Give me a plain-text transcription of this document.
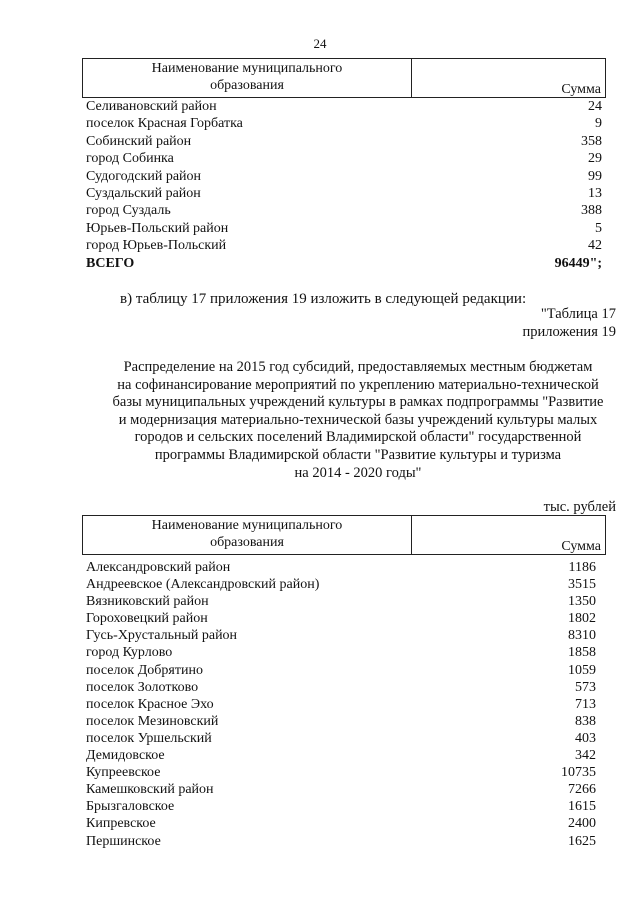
24
Наименование муниципального
образования	Сумма
Селивановский район	24
поселок Красная Горбатка	9
Собинский район	358
город Собинка	29
Судогодский район	99
Суздальский район	13
город Суздаль	388
Юрьев-Польский район	5
город Юрьев-Польский	42
ВСЕГО	96449";
в) таблицу 17 приложения 19 изложить в следующей редакции:
"Таблица 17
приложения 19
Распределение на 2015 год субсидий, предоставляемых местным бюджетам
на софинансирование мероприятий по укреплению материально-технической
базы муниципальных учреждений культуры в рамках подпрограммы "Развитие
и модернизация материально-технической базы учреждений культуры малых
городов и сельских поселений Владимирской области" государственной
программы Владимирской области "Развитие культуры и туризма
на 2014 - 2020 годы"
тыс. рублей
Наименование муниципального
образования	Сумма
Александровский район	1186
Андреевское (Александровский район)	3515
Вязниковский район	1350
Гороховецкий район	1802
Гусь-Хрустальный район	8310
город Курлово	1858
поселок Добрятино	1059
поселок Золотково	573
поселок Красное Эхо	713
поселок Мезиновский	838
поселок Уршельский	403
Демидовское	342
Купреевское	10735
Камешковский район	7266
Брызгаловское	1615
Кипревское	2400
Першинское	1625
